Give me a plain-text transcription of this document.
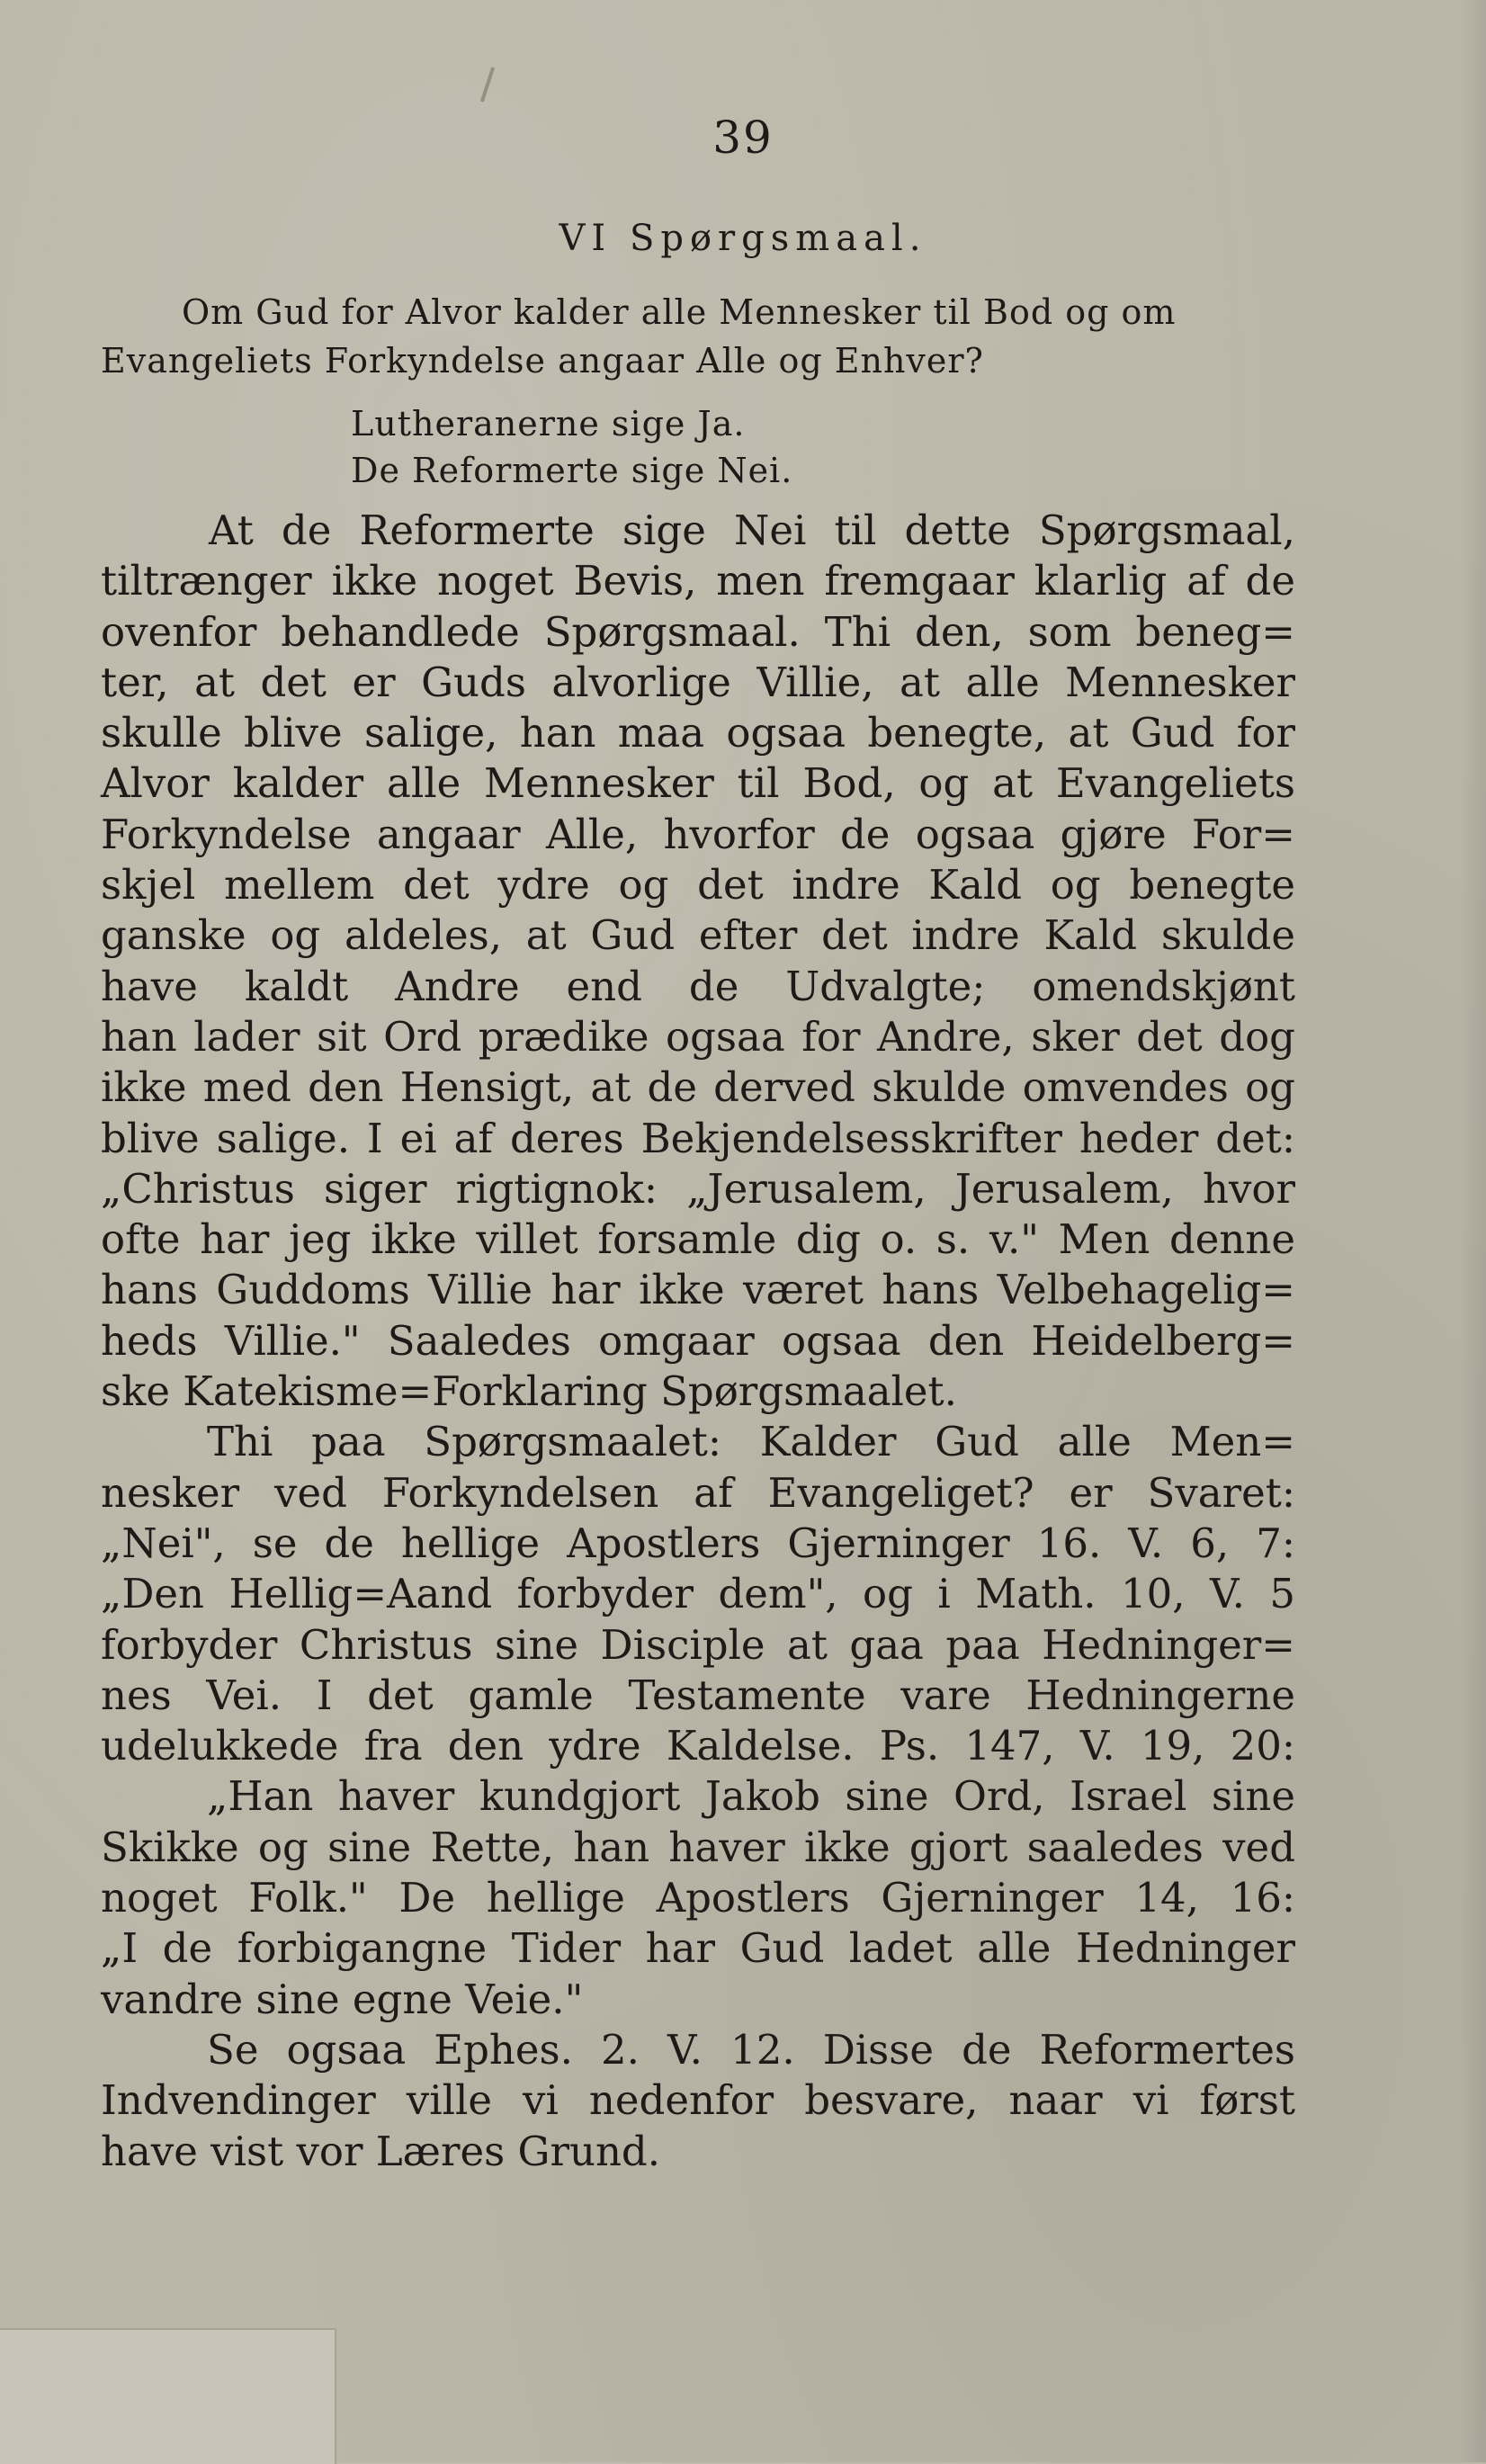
39
VI Spørgsmaal.
Om Gud for Alvor kalder alle Mennesker til Bod og om
Evangeliets Forkyndelse angaar Alle og Enhver?
Lutheranerne sige Ja.
De Reformerte sige Nei.
At de Reformerte sige Nei til dette Spørgsmaal,
tiltrænger ikke noget Bevis, men fremgaar klarlig af de
ovenfor behandlede Spørgsmaal. Thi den, som beneg=
ter, at det er Guds alvorlige Villie, at alle Mennesker
skulle blive salige, han maa ogsaa benegte, at Gud for
Alvor kalder alle Mennesker til Bod, og at Evangeliets
Forkyndelse angaar Alle, hvorfor de ogsaa gjøre For=
skjel mellem det ydre og det indre Kald og benegte
ganske og aldeles, at Gud efter det indre Kald skulde
have kaldt Andre end de Udvalgte; omendskjønt
han lader sit Ord prædike ogsaa for Andre, sker det dog
ikke med den Hensigt, at de derved skulde omvendes og
blive salige. I ei af deres Bekjendelsesskrifter heder det:
„Christus siger rigtignok: „Jerusalem, Jerusalem, hvor
ofte har jeg ikke villet forsamle dig o. s. v." Men denne
hans Guddoms Villie har ikke været hans Velbehagelig=
heds Villie." Saaledes omgaar ogsaa den Heidelberg=
ske Katekisme=Forklaring Spørgsmaalet.
Thi paa Spørgsmaalet: Kalder Gud alle Men=
nesker ved Forkyndelsen af Evangeliget? er Svaret:
„Nei", se de hellige Apostlers Gjerninger 16. V. 6, 7:
„Den Hellig=Aand forbyder dem", og i Math. 10, V. 5
forbyder Christus sine Disciple at gaa paa Hedninger=
nes Vei. I det gamle Testamente vare Hedningerne
udelukkede fra den ydre Kaldelse. Ps. 147, V. 19, 20:
„Han haver kundgjort Jakob sine Ord, Israel sine
Skikke og sine Rette, han haver ikke gjort saaledes ved
noget Folk." De hellige Apostlers Gjerninger 14, 16:
„I de forbigangne Tider har Gud ladet alle Hedninger
vandre sine egne Veie."
Se ogsaa Ephes. 2. V. 12. Disse de Reformertes
Indvendinger ville vi nedenfor besvare, naar vi først
have vist vor Læres Grund.
